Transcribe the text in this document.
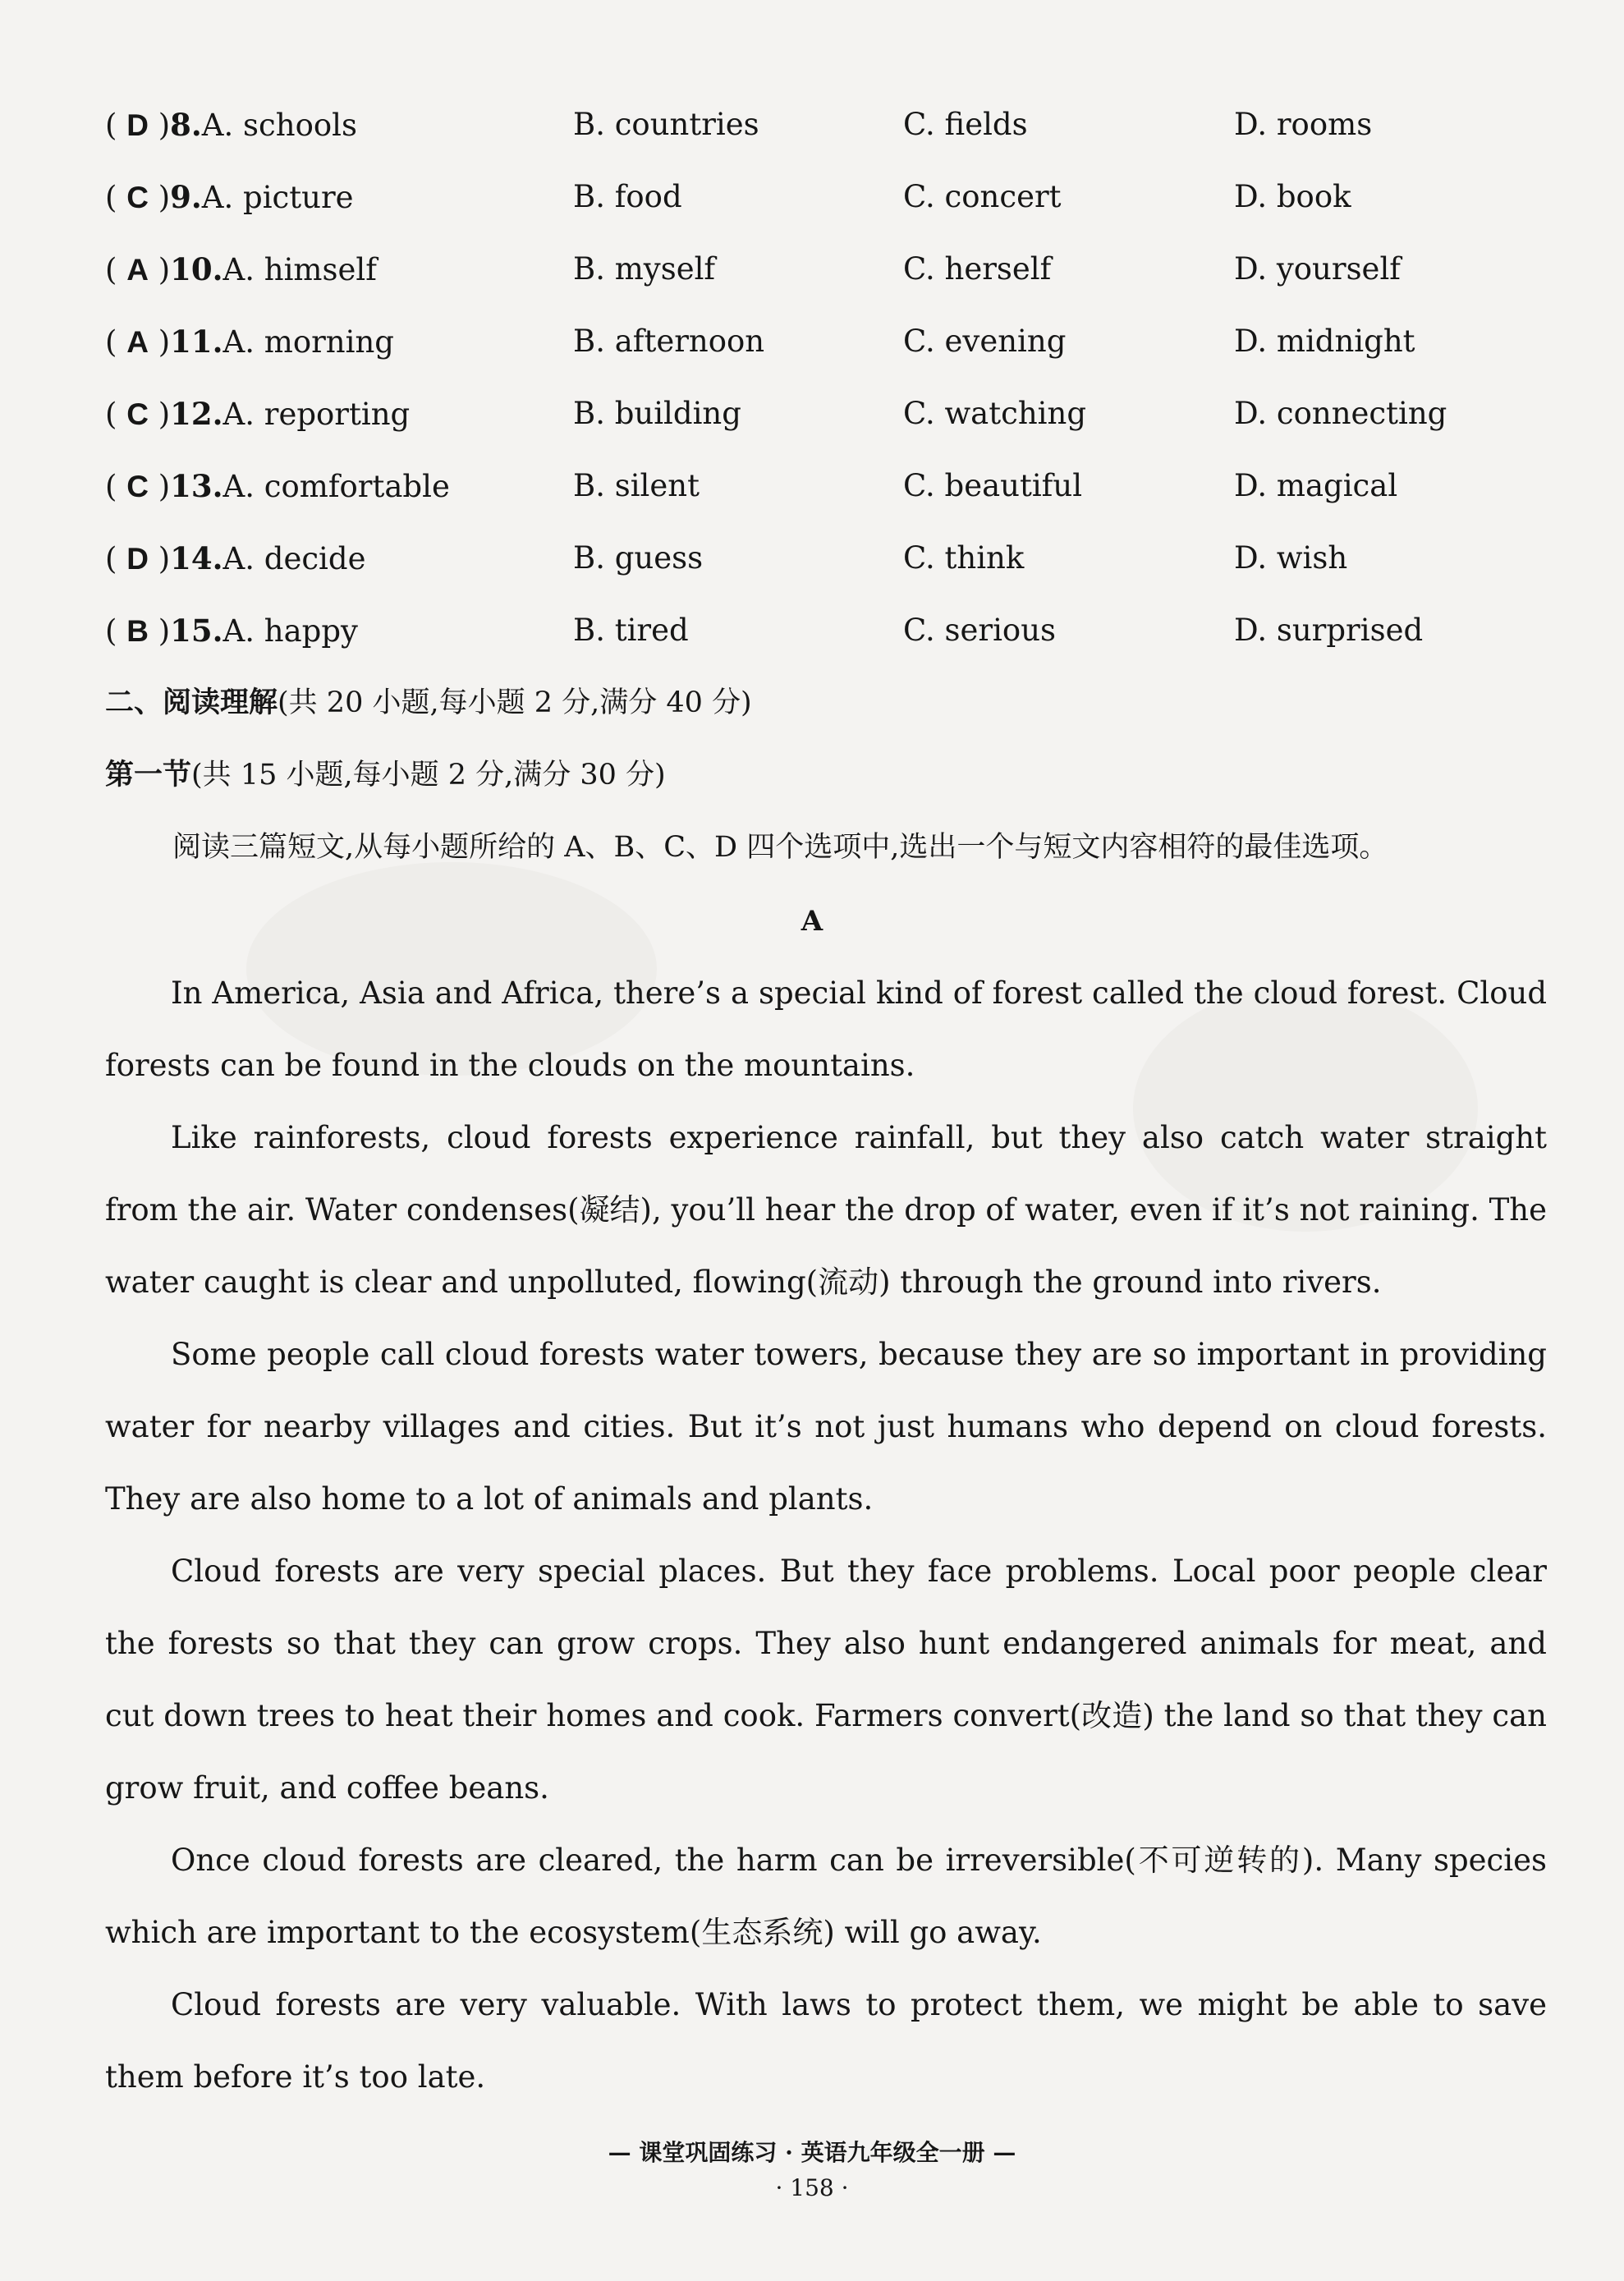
( D )8.A. schools	B. countries	C. fields	D. rooms
( C )9.A. picture	B. food	C. concert	D. book
( A )10.A. himself	B. myself	C. herself	D. yourself
( A )11.A. morning	B. afternoon	C. evening	D. midnight
( C )12.A. reporting	B. building	C. watching	D. connecting
( C )13.A. comfortable	B. silent	C. beautiful	D. magical
( D )14.A. decide	B. guess	C. think	D. wish
( B )15.A. happy	B. tired	C. serious	D. surprised
二、阅读理解(共 20 小题,每小题 2 分,满分 40 分)
第一节(共 15 小题,每小题 2 分,满分 30 分)
阅读三篇短文,从每小题所给的 A、B、C、D 四个选项中,选出一个与短文内容相符的最佳选项。
A

In America, Asia and Africa, there’s a special kind of forest called the cloud forest. Cloud forests can be found in the clouds on the mountains.

Like rainforests, cloud forests experience rainfall, but they also catch water straight from the air. Water condenses(凝结), you’ll hear the drop of water, even if it’s not raining. The water caught is clear and unpolluted, flowing(流动) through the ground into rivers.

Some people call cloud forests water towers, because they are so important in providing water for nearby villages and cities. But it’s not just humans who depend on cloud forests. They are also home to a lot of animals and plants.

Cloud forests are very special places. But they face problems. Local poor people clear the forests so that they can grow crops. They also hunt endangered animals for meat, and cut down trees to heat their homes and cook. Farmers convert(改造) the land so that they can grow fruit, and coffee beans.

Once cloud forests are cleared, the harm can be irreversible(不可逆转的). Many species which are important to the ecosystem(生态系统) will go away.

Cloud forests are very valuable. With laws to protect them, we might be able to save them before it’s too late.

— 课堂巩固练习 · 英语九年级全一册 —
· 158 ·
